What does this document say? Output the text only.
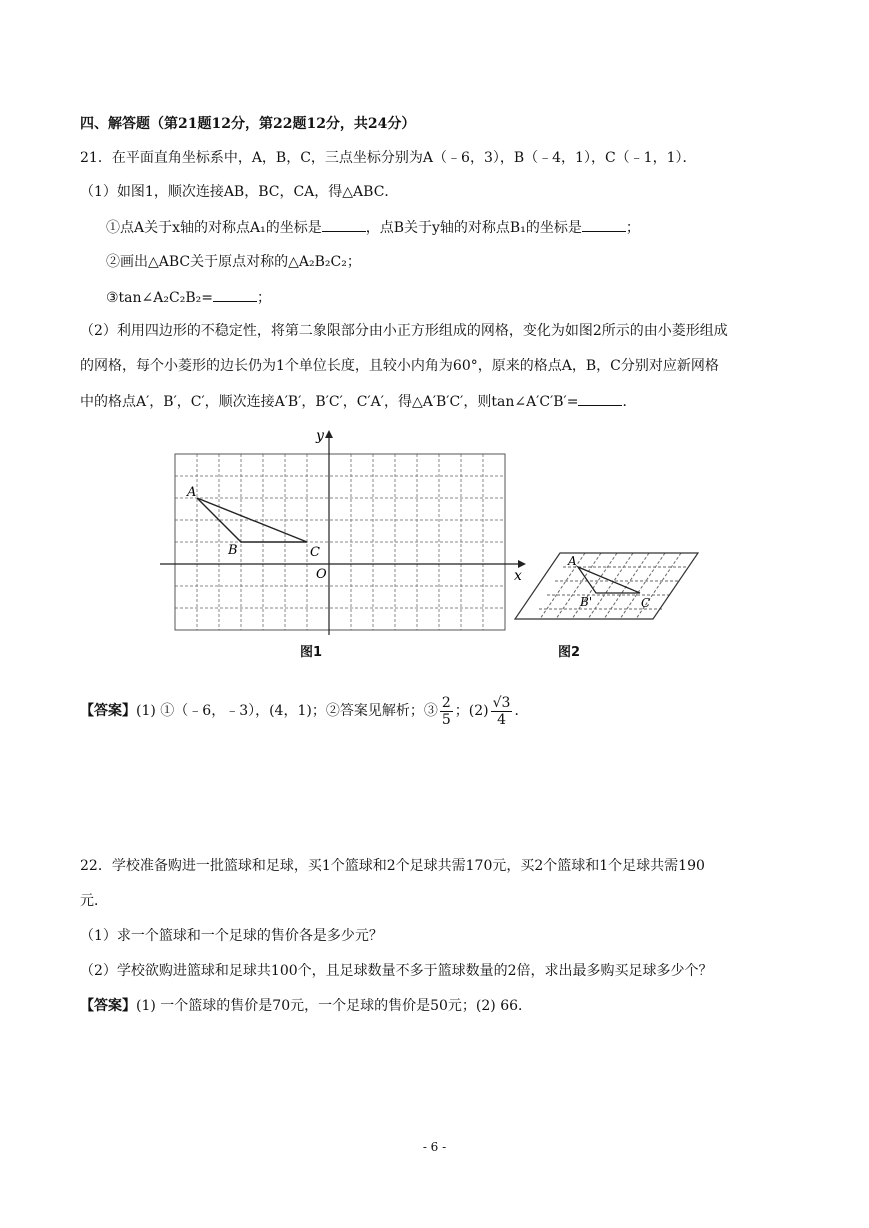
四、解答题（第21题12分，第22题12分，共24分）
21．在平面直角坐标系中，A，B，C，三点坐标分别为A（﹣6，3），B（﹣4，1），C（﹣1，1）．
（1）如图1，顺次连接AB，BC，CA，得△ABC．
①点A关于x轴的对称点A₁的坐标是	，点B关于y轴的对称点B₁的坐标是	；
②画出△ABC关于原点对称的△A₂B₂C₂；
③tan∠A₂C₂B₂=	；
（2）利用四边形的不稳定性，将第二象限部分由小正方形组成的网格，变化为如图2所示的由小菱形组成
的网格，每个小菱形的边长仍为1个单位长度，且较小内角为60°，原来的格点A，B，C分别对应新网格
中的格点A′，B′，C′，顺次连接A′B′，B′C′，C′A′，得△A′B′C′，则tan∠A′C′B′=	．
y
x
O
A
B	C
A
B'	C
图1	图2
【答案】(1) ①（﹣6，﹣3），(4，1)；②答案见解析；③ $\frac{2}{5}$ ；$(2) \frac{√3}{4}$ ．
22．学校准备购进一批篮球和足球，买1个篮球和2个足球共需170元，买2个篮球和1个足球共需190
元．
（1）求一个篮球和一个足球的售价各是多少元？
（2）学校欲购进篮球和足球共100个，且足球数量不多于篮球数量的2倍，求出最多购买足球多少个？
【答案】(1) 一个篮球的售价是70元，一个足球的售价是50元；(2) 66．
- 6 -
